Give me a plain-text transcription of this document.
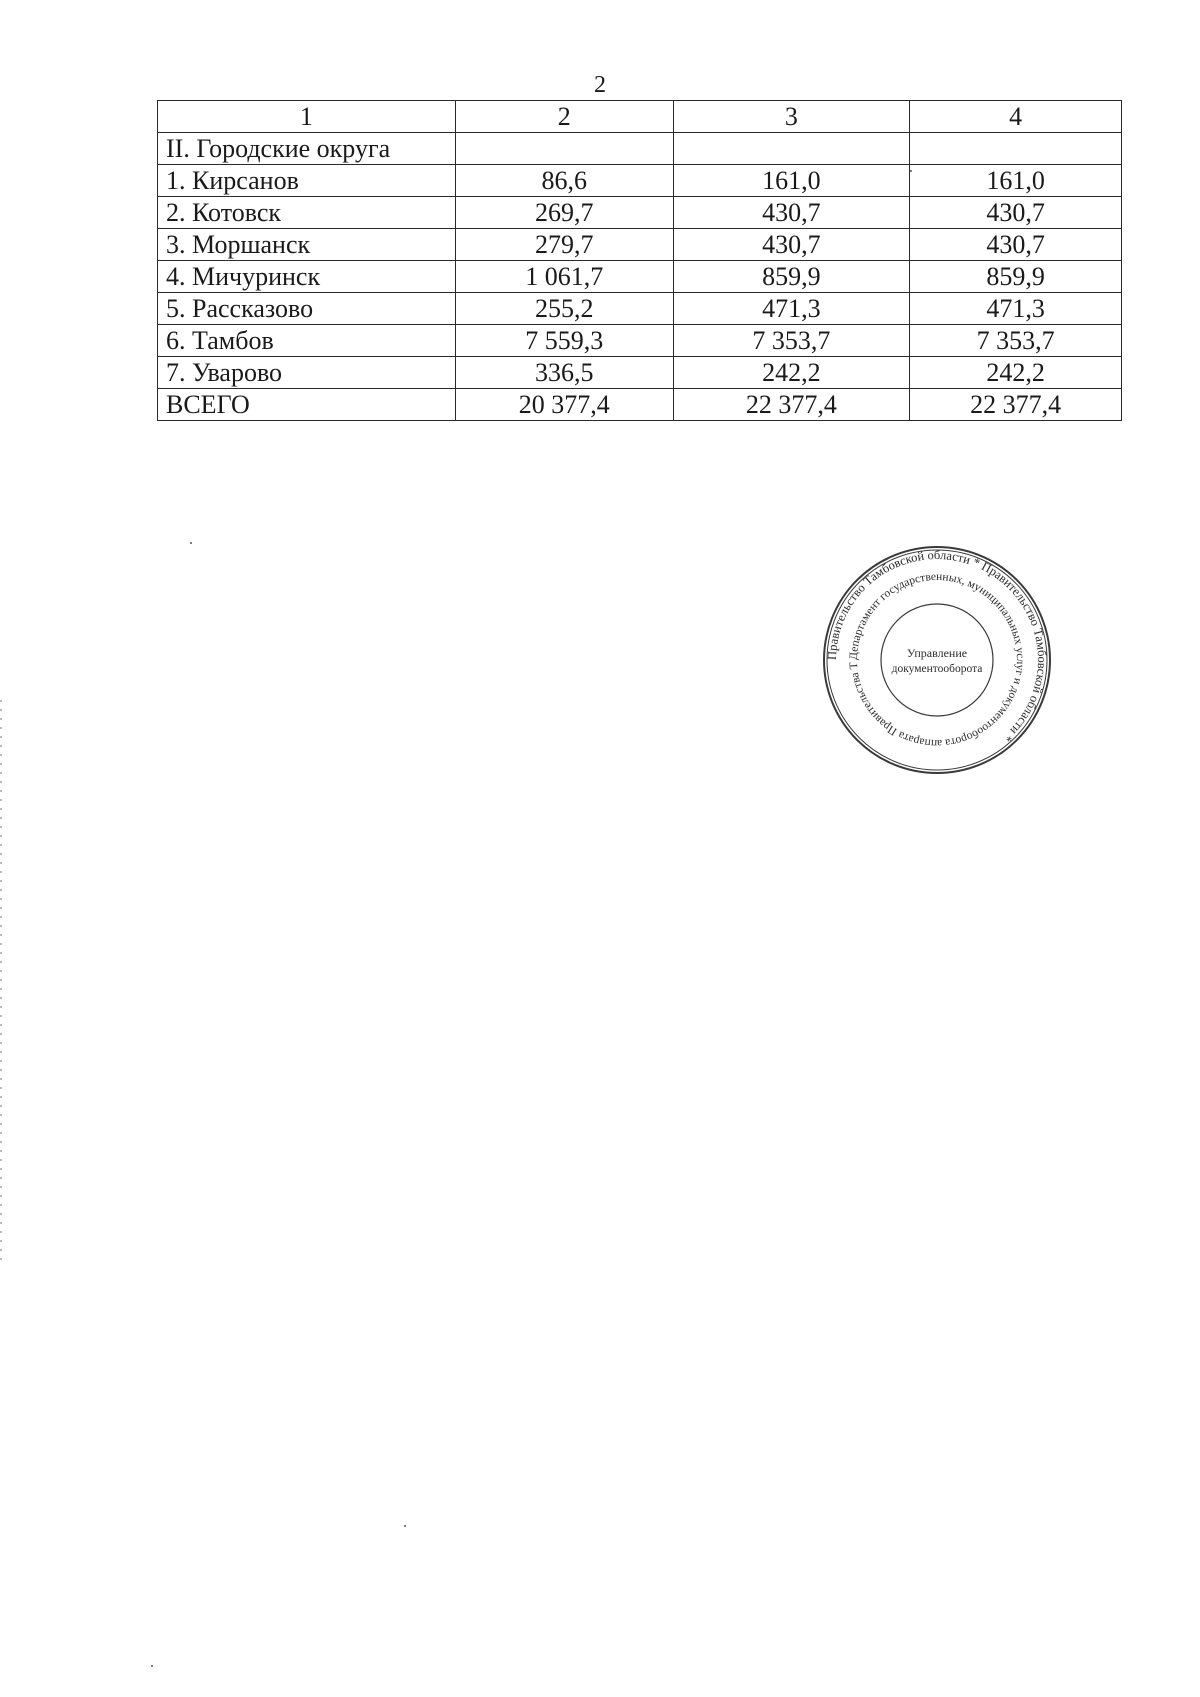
2
1	2	3	4
II. Городские округа			
1. Кирсанов	86,6	161,0	161,0
2. Котовск	269,7	430,7	430,7
3. Моршанск	279,7	430,7	430,7
4. Мичуринск	1 061,7	859,9	859,9
5. Рассказово	255,2	471,3	471,3
6. Тамбов	7 559,3	7 353,7	7 353,7
7. Уварово	336,5	242,2	242,2
ВСЕГО	20 377,4	22 377,4	22 377,4
Правительство Тамбовской области * Правительство Тамбовской области *
Департамент государственных, муниципальных услуг и документооборота аппарата Правительства Т
Управление
документооборота
